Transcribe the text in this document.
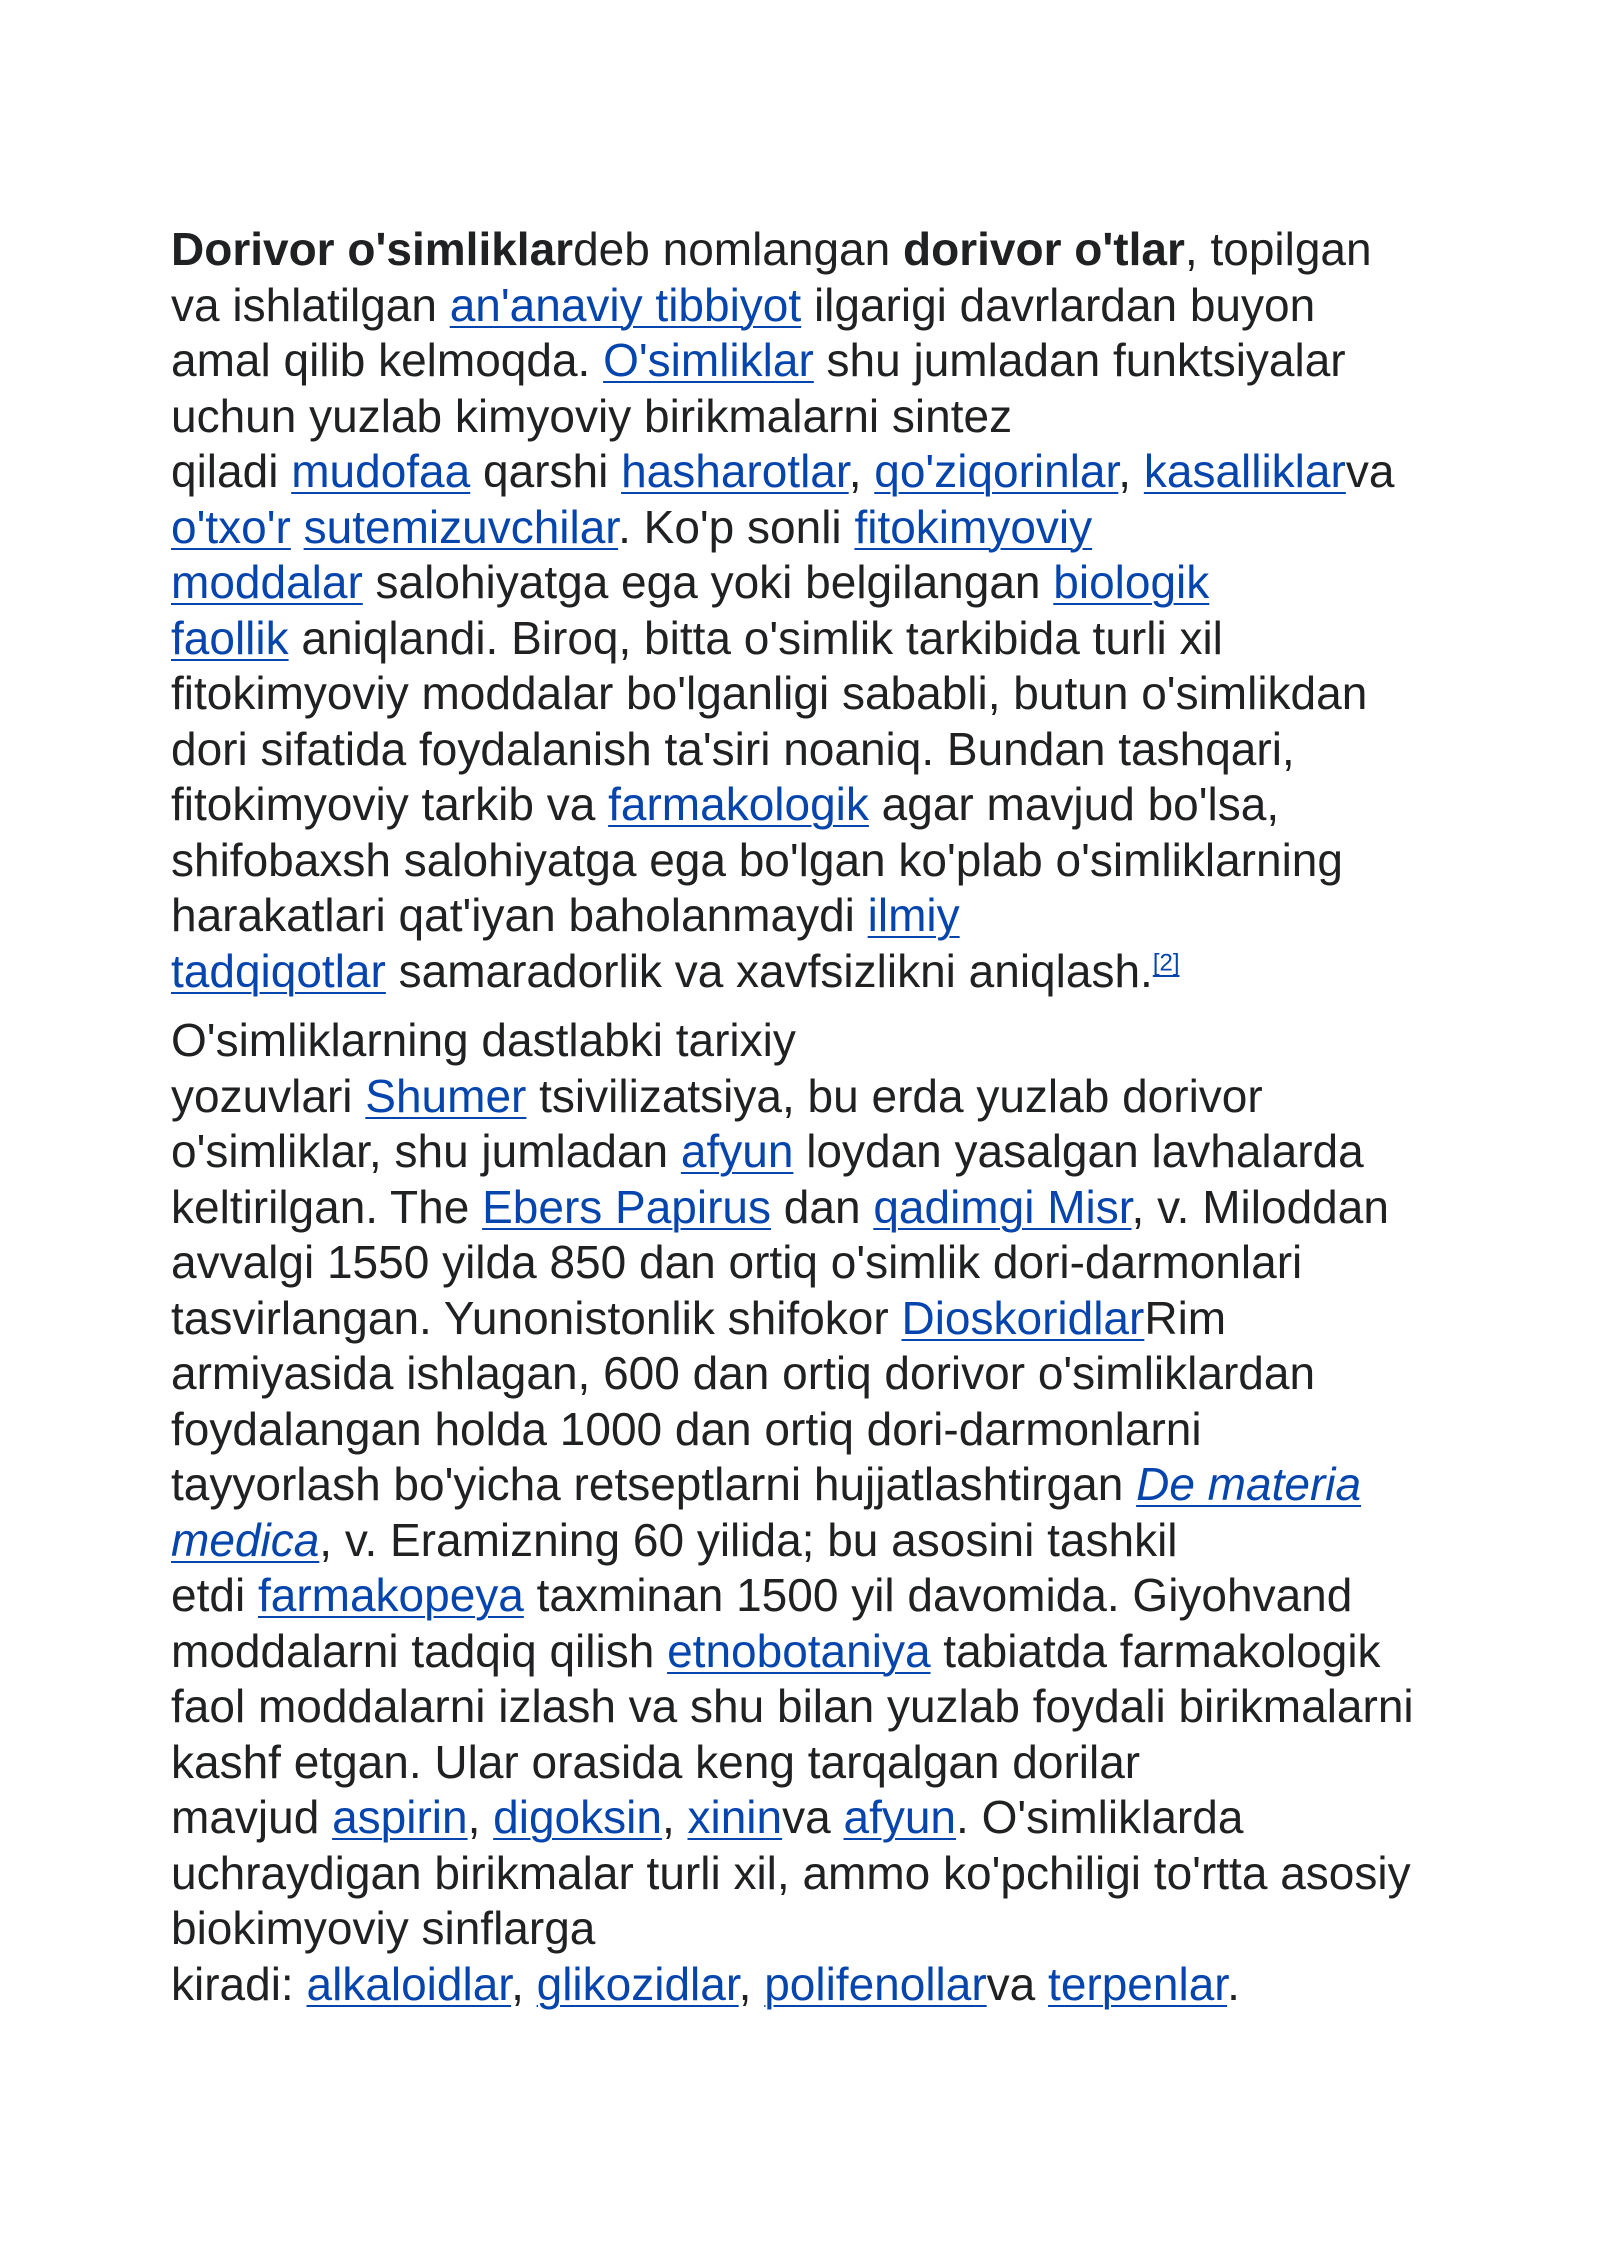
Dorivor o'simliklardeb nomlangan dorivor o'tlar, topilgan
va ishlatilgan an'anaviy tibbiyot ilgarigi davrlardan buyon
amal qilib kelmoqda. O'simliklar shu jumladan funktsiyalar
uchun yuzlab kimyoviy birikmalarni sintez
qiladi mudofaa qarshi hasharotlar, qo'ziqorinlar, kasalliklarva
o'txo'r sutemizuvchilar. Ko'p sonli fitokimyoviy
moddalar salohiyatga ega yoki belgilangan biologik
faollik aniqlandi. Biroq, bitta o'simlik tarkibida turli xil
fitokimyoviy moddalar bo'lganligi sababli, butun o'simlikdan
dori sifatida foydalanish ta'siri noaniq. Bundan tashqari,
fitokimyoviy tarkib va farmakologik agar mavjud bo'lsa,
shifobaxsh salohiyatga ega bo'lgan ko'plab o'simliklarning
harakatlari qat'iyan baholanmaydi ilmiy
tadqiqotlar samaradorlik va xavfsizlikni aniqlash.[2]

O'simliklarning dastlabki tarixiy
yozuvlari Shumer tsivilizatsiya, bu erda yuzlab dorivor
o'simliklar, shu jumladan afyun loydan yasalgan lavhalarda
keltirilgan. The Ebers Papirus dan qadimgi Misr, v. Miloddan
avvalgi 1550 yilda 850 dan ortiq o'simlik dori-darmonlari
tasvirlangan. Yunonistonlik shifokor DioskoridlarRim
armiyasida ishlagan, 600 dan ortiq dorivor o'simliklardan
foydalangan holda 1000 dan ortiq dori-darmonlarni
tayyorlash bo'yicha retseptlarni hujjatlashtirgan De materia
medica, v. Eramizning 60 yilida; bu asosini tashkil
etdi farmakopeya taxminan 1500 yil davomida. Giyohvand
moddalarni tadqiq qilish etnobotaniya tabiatda farmakologik
faol moddalarni izlash va shu bilan yuzlab foydali birikmalarni
kashf etgan. Ular orasida keng tarqalgan dorilar
mavjud aspirin, digoksin, xininva afyun. O'simliklarda
uchraydigan birikmalar turli xil, ammo ko'pchiligi to'rtta asosiy
biokimyoviy sinflarga
kiradi: alkaloidlar, glikozidlar, polifenollarva terpenlar.
